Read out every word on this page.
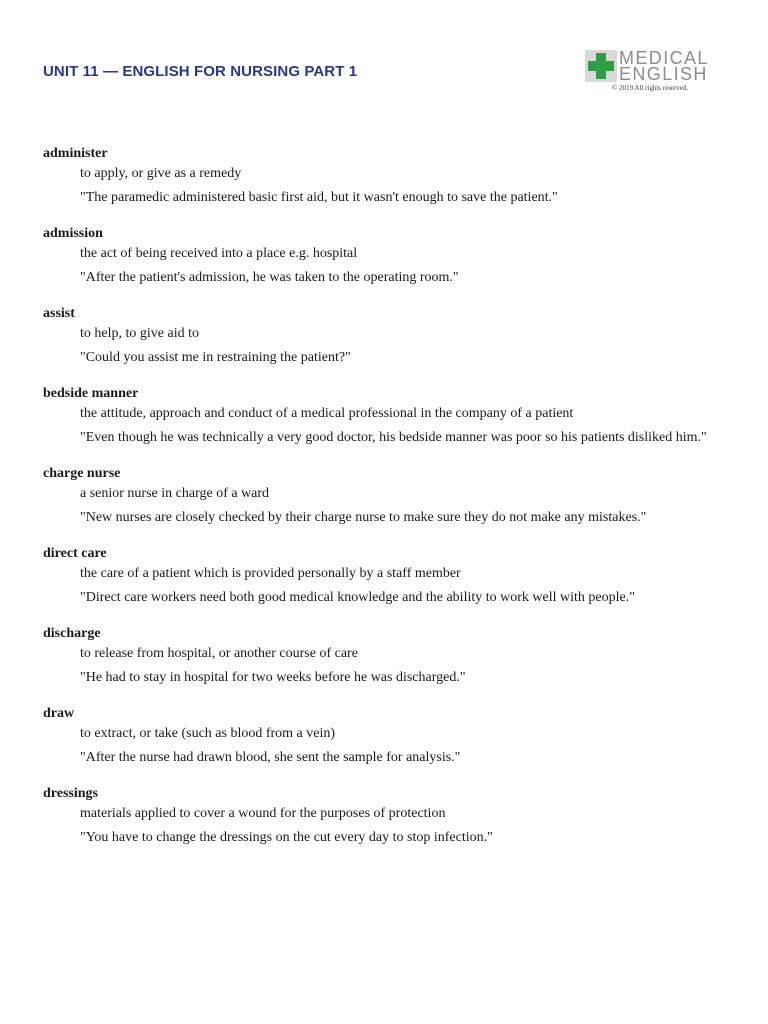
UNIT 11 — ENGLISH FOR NURSING PART 1
MEDICAL
ENGLISH
© 2019 All rights reserved.
administer
to apply, or give as a remedy
"The paramedic administered basic first aid, but it wasn't enough to save the patient."
admission
the act of being received into a place e.g. hospital
"After the patient's admission, he was taken to the operating room."
assist
to help, to give aid to
"Could you assist me in restraining the patient?"
bedside manner
the attitude, approach and conduct of a medical professional in the company of a patient
"Even though he was technically a very good doctor, his bedside manner was poor so his patients disliked him."
charge nurse
a senior nurse in charge of a ward
"New nurses are closely checked by their charge nurse to make sure they do not make any mistakes."
direct care
the care of a patient which is provided personally by a staff member
"Direct care workers need both good medical knowledge and the ability to work well with people."
discharge
to release from hospital, or another course of care
"He had to stay in hospital for two weeks before he was discharged."
draw
to extract, or take (such as blood from a vein)
"After the nurse had drawn blood, she sent the sample for analysis."
dressings
materials applied to cover a wound for the purposes of protection
"You have to change the dressings on the cut every day to stop infection."
